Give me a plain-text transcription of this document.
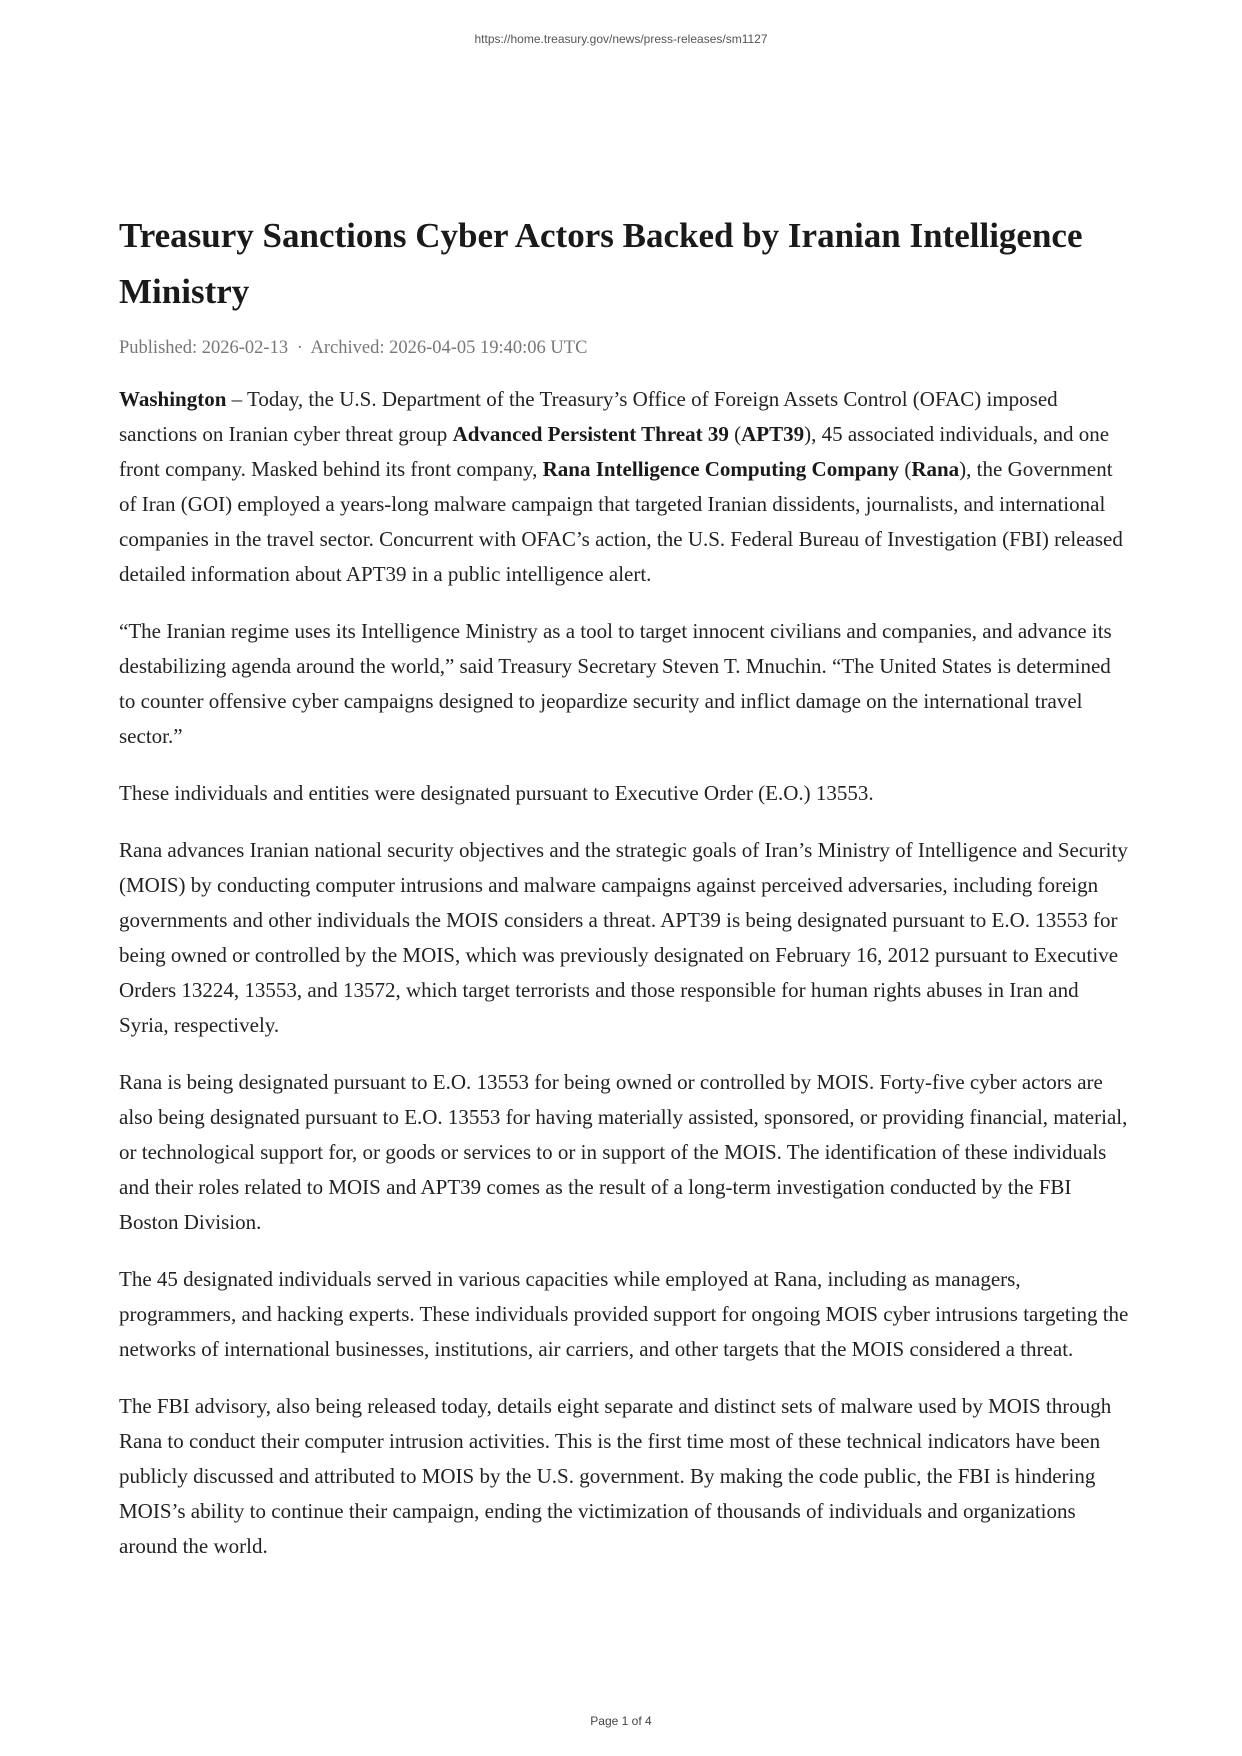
https://home.treasury.gov/news/press-releases/sm1127
Treasury Sanctions Cyber Actors Backed by Iranian Intelligence Ministry
Published: 2026-02-13 · Archived: 2026-04-05 19:40:06 UTC

Washington – Today, the U.S. Department of the Treasury’s Office of Foreign Assets Control (OFAC) imposed sanctions on Iranian cyber threat group Advanced Persistent Threat 39 (APT39), 45 associated individuals, and one front company. Masked behind its front company, Rana Intelligence Computing Company (Rana), the Government of Iran (GOI) employed a years-long malware campaign that targeted Iranian dissidents, journalists, and international companies in the travel sector. Concurrent with OFAC’s action, the U.S. Federal Bureau of Investigation (FBI) released detailed information about APT39 in a public intelligence alert.

“The Iranian regime uses its Intelligence Ministry as a tool to target innocent civilians and companies, and advance its destabilizing agenda around the world,” said Treasury Secretary Steven T. Mnuchin. “The United States is determined to counter offensive cyber campaigns designed to jeopardize security and inflict damage on the international travel sector.”

These individuals and entities were designated pursuant to Executive Order (E.O.) 13553.

Rana advances Iranian national security objectives and the strategic goals of Iran’s Ministry of Intelligence and Security (MOIS) by conducting computer intrusions and malware campaigns against perceived adversaries, including foreign governments and other individuals the MOIS considers a threat. APT39 is being designated pursuant to E.O. 13553 for being owned or controlled by the MOIS, which was previously designated on February 16, 2012 pursuant to Executive Orders 13224, 13553, and 13572, which target terrorists and those responsible for human rights abuses in Iran and Syria, respectively.

Rana is being designated pursuant to E.O. 13553 for being owned or controlled by MOIS. Forty-five cyber actors are also being designated pursuant to E.O. 13553 for having materially assisted, sponsored, or providing financial, material, or technological support for, or goods or services to or in support of the MOIS. The identification of these individuals and their roles related to MOIS and APT39 comes as the result of a long-term investigation conducted by the FBI Boston Division.

The 45 designated individuals served in various capacities while employed at Rana, including as managers, programmers, and hacking experts. These individuals provided support for ongoing MOIS cyber intrusions targeting the networks of international businesses, institutions, air carriers, and other targets that the MOIS considered a threat.

The FBI advisory, also being released today, details eight separate and distinct sets of malware used by MOIS through Rana to conduct their computer intrusion activities. This is the first time most of these technical indicators have been publicly discussed and attributed to MOIS by the U.S. government. By making the code public, the FBI is hindering MOIS’s ability to continue their campaign, ending the victimization of thousands of individuals and organizations around the world.

Page 1 of 4
